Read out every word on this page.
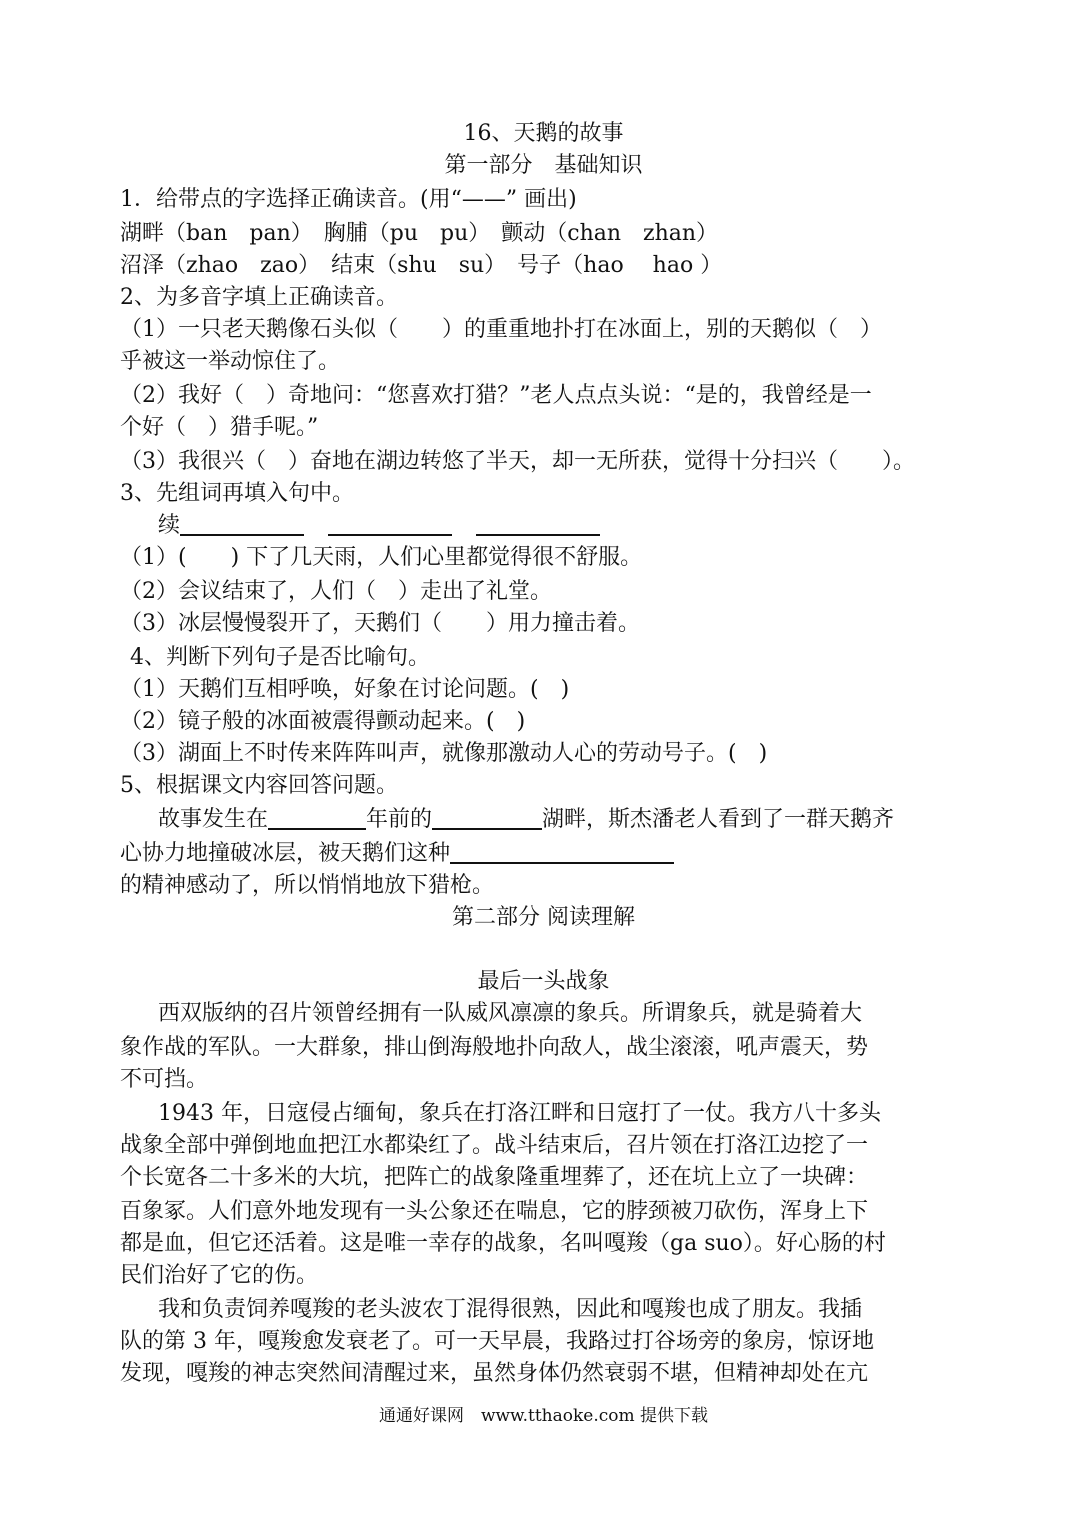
16、天鹅的故事
第一部分　基础知识
1．给带点的字选择正确读音。(用“——” 画出)
湖畔（ban　pan）　胸脯（pu　pu）　颤动（chan　zhan）
沼泽（zhao　zao）　结束（shu　su）　号子（hao　 hao ）
2、为多音字填上正确读音。
（1）一只老天鹅像石头似（　　）的重重地扑打在冰面上，别的天鹅似（　）
乎被这一举动惊住了。
（2）我好（　）奇地问：“您喜欢打猎？”老人点点头说：“是的，我曾经是一
个好（　）猎手呢。”
（3）我很兴（　）奋地在湖边转悠了半天，却一无所获，觉得十分扫兴（　　）。
3、先组词再填入句中。
续
（1）(　　) 下了几天雨，人们心里都觉得很不舒服。
（2）会议结束了，人们（　）走出了礼堂。
（3）冰层慢慢裂开了，天鹅们（　　）用力撞击着。
4、判断下列句子是否比喻句。
（1）天鹅们互相呼唤，好象在讨论问题。(　)
（2）镜子般的冰面被震得颤动起来。(　)
（3）湖面上不时传来阵阵叫声，就像那激动人心的劳动号子。(　)
5、根据课文内容回答问题。
故事发生在	年前的	湖畔，斯杰潘老人看到了一群天鹅齐
心协力地撞破冰层，被天鹅们这种
的精神感动了，所以悄悄地放下猎枪。
第二部分 阅读理解
最后一头战象
西双版纳的召片领曾经拥有一队威风凛凛的象兵。所谓象兵，就是骑着大
象作战的军队。一大群象，排山倒海般地扑向敌人，战尘滚滚，吼声震天，势
不可挡。
1943 年，日寇侵占缅甸，象兵在打洛江畔和日寇打了一仗。我方八十多头
战象全部中弹倒地血把江水都染红了。战斗结束后，召片领在打洛江边挖了一
个长宽各二十多米的大坑，把阵亡的战象隆重埋葬了，还在坑上立了一块碑：
百象冢。人们意外地发现有一头公象还在喘息，它的脖颈被刀砍伤，浑身上下
都是血，但它还活着。这是唯一幸存的战象，名叫嘎羧（ga suo）。好心肠的村
民们治好了它的伤。
我和负责饲养嘎羧的老头波农丁混得很熟，因此和嘎羧也成了朋友。我插
队的第 3 年，嘎羧愈发衰老了。可一天早晨，我路过打谷场旁的象房，惊讶地
发现，嘎羧的神志突然间清醒过来，虽然身体仍然衰弱不堪，但精神却处在亢
通通好课网　www.tthaoke.com 提供下载
